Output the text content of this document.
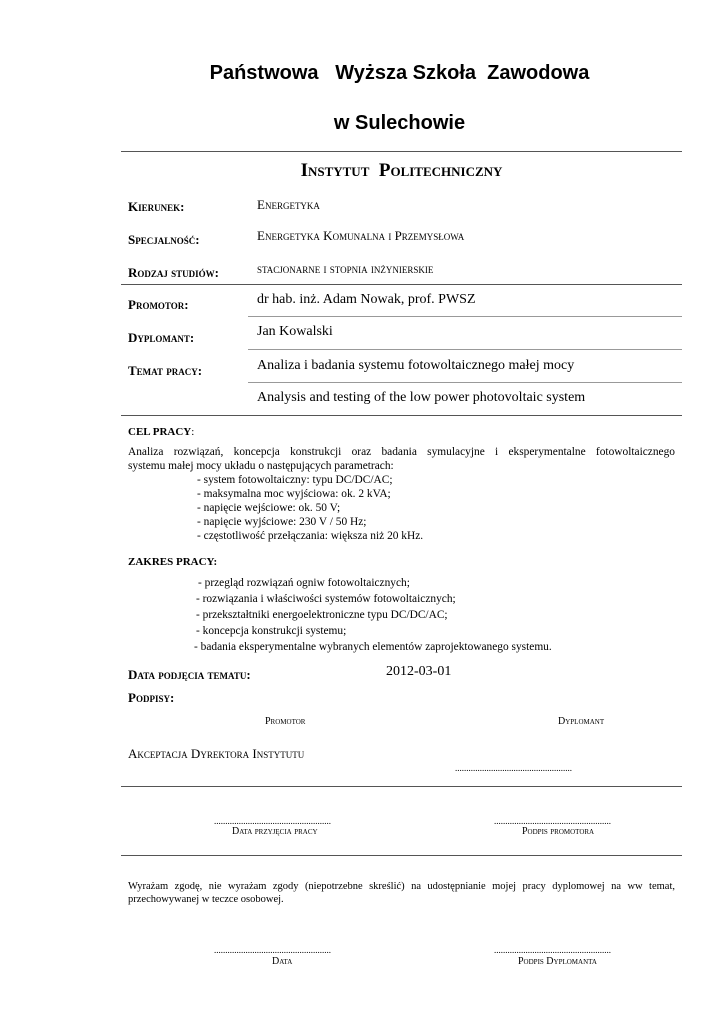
Państwowa   Wyższa Szkoła  Zawodowa
w Sulechowie
Instytut  Politechniczny
Kierunek:	Energetyka
Specjalność:	Energetyka Komunalna i Przemysłowa
Rodzaj studiów:	stacjonarne i stopnia inżynierskie
Promotor:	dr hab. inż. Adam Nowak, prof. PWSZ
Dyplomant:	Jan Kowalski
Temat pracy:	Analiza i badania systemu fotowoltaicznego małej mocy
Analysis and testing of the low power photovoltaic system
CEL PRACY:
Analiza rozwiązań, koncepcja konstrukcji oraz badania symulacyjne i eksperymentalne fotowoltaicznego
systemu małej mocy układu o następujących parametrach:
- system fotowoltaiczny: typu DC/DC/AC;
- maksymalna moc wyjściowa: ok. 2 kVA;
- napięcie wejściowe: ok. 50 V;
- napięcie wyjściowe: 230 V / 50 Hz;
- częstotliwość przełączania: większa niż 20 kHz.
ZAKRES PRACY:
- przegląd rozwiązań ogniw fotowoltaicznych;
- rozwiązania i właściwości systemów fotowoltaicznych;
- przekształtniki energoelektroniczne typu DC/DC/AC;
- koncepcja konstrukcji systemu;
- badania eksperymentalne wybranych elementów zaprojektowanego systemu.
Data podjęcia tematu:	2012-03-01
Podpisy:
Promotor	Dyplomant
Akceptacja Dyrektora Instytutu
....................................................
....................................................
Data przyjęcia pracy
....................................................
Podpis promotora
Wyrażam zgodę, nie wyrażam zgody (niepotrzebne skreślić) na udostępnianie mojej pracy dyplomowej na ww temat,
przechowywanej w teczce osobowej.
....................................................
Data
....................................................
Podpis Dyplomanta
